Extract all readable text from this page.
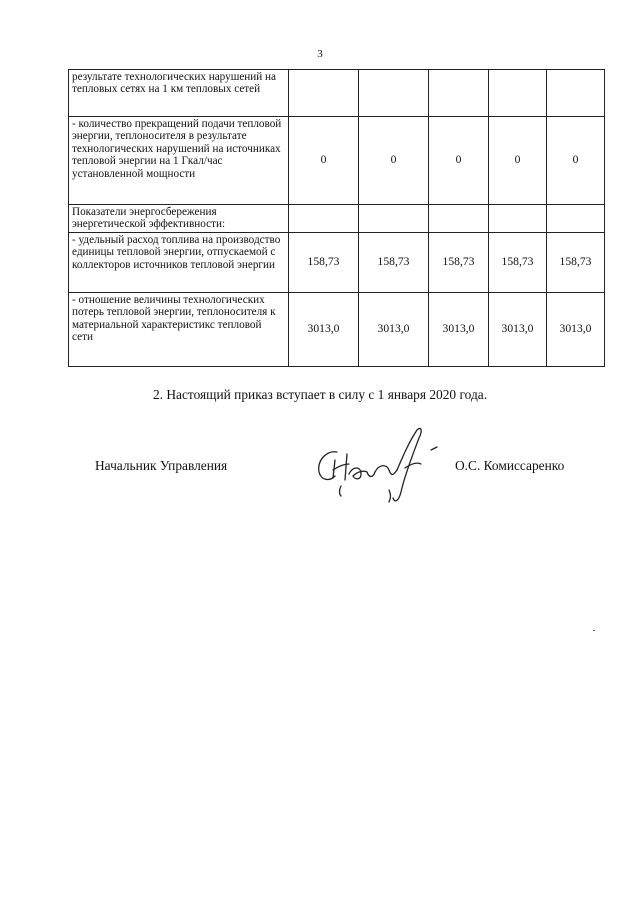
3
результате технологических нарушений на тепловых сетях на 1 км тепловых сетей					
- количество прекращений подачи тепловой энергии, теплоносителя в результате технологических нарушений на источниках тепловой энергии на 1 Гкал/час установленной мощности	0	0	0	0	0
Показатели энергосбережения энергетической эффективности:					
- удельный расход топлива на производство единицы тепловой энергии, отпускаемой с коллекторов источников тепловой энергии	158,73	158,73	158,73	158,73	158,73
- отношение величины технологических потерь тепловой энергии, теплоносителя к материальной характеристикс тепловой сети	3013,0	3013,0	3013,0	3013,0	3013,0
2. Настоящий приказ вступает в силу с 1 января 2020 года.
Начальник Управления	О.С. Комиссаренко
